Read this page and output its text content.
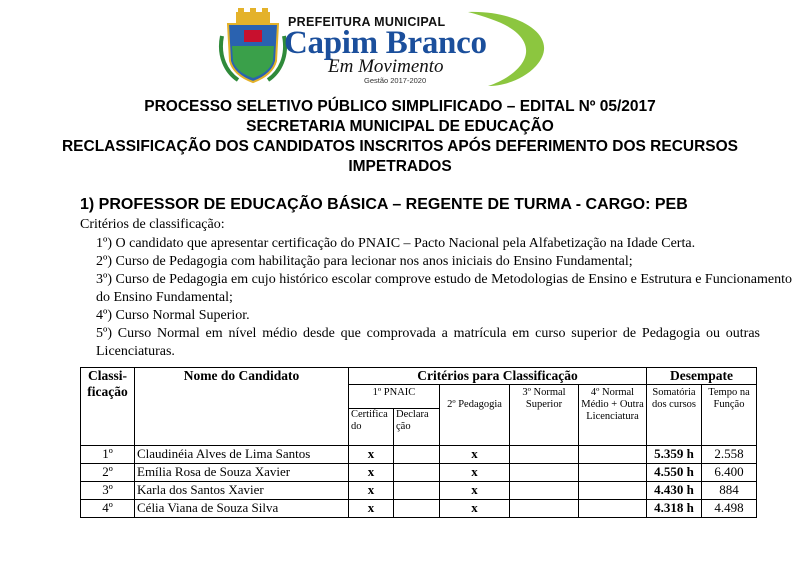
PREFEITURA MUNICIPAL
Capim Branco
Em Movimento
Gestão 2017-2020
PROCESSO SELETIVO PÚBLICO SIMPLIFICADO – EDITAL Nº 05/2017
SECRETARIA MUNICIPAL DE EDUCAÇÃO
RECLASSIFICAÇÃO DOS CANDIDATOS INSCRITOS APÓS DEFERIMENTO DOS RECURSOS
IMPETRADOS
1) PROFESSOR DE EDUCAÇÃO BÁSICA – REGENTE DE TURMA - CARGO: PEB
Critérios de classificação:
1º) O candidato que apresentar certificação do PNAIC – Pacto Nacional pela Alfabetização na Idade Certa.
2º) Curso de Pedagogia com habilitação para lecionar nos anos iniciais do Ensino Fundamental;
3º) Curso de Pedagogia em cujo histórico escolar comprove estudo de Metodologias de Ensino e Estrutura e Funcionamento
do Ensino Fundamental;
4º) Curso Normal Superior.
5º) Curso Normal em nível médio desde que comprovada a matrícula em curso superior de Pedagogia ou outras
Licenciaturas.
Classi- ficação	Nome do Candidato	Critérios para Classificação					Desempate	
		1º PNAIC		2º Pedagogia	3º Normal Superior	4º Normal Médio + Outra Licenciatura	Somatória dos cursos	Tempo na Função
		Certifica do	Declara ção					
1º	Claudinéia Alves de Lima Santos	x		x			5.359 h	2.558
2º	Emília Rosa de Souza Xavier	x		x			4.550 h	6.400
3º	Karla dos Santos Xavier	x		x			4.430 h	884
4º	Célia Viana de Souza Silva	x		x			4.318 h	4.498
